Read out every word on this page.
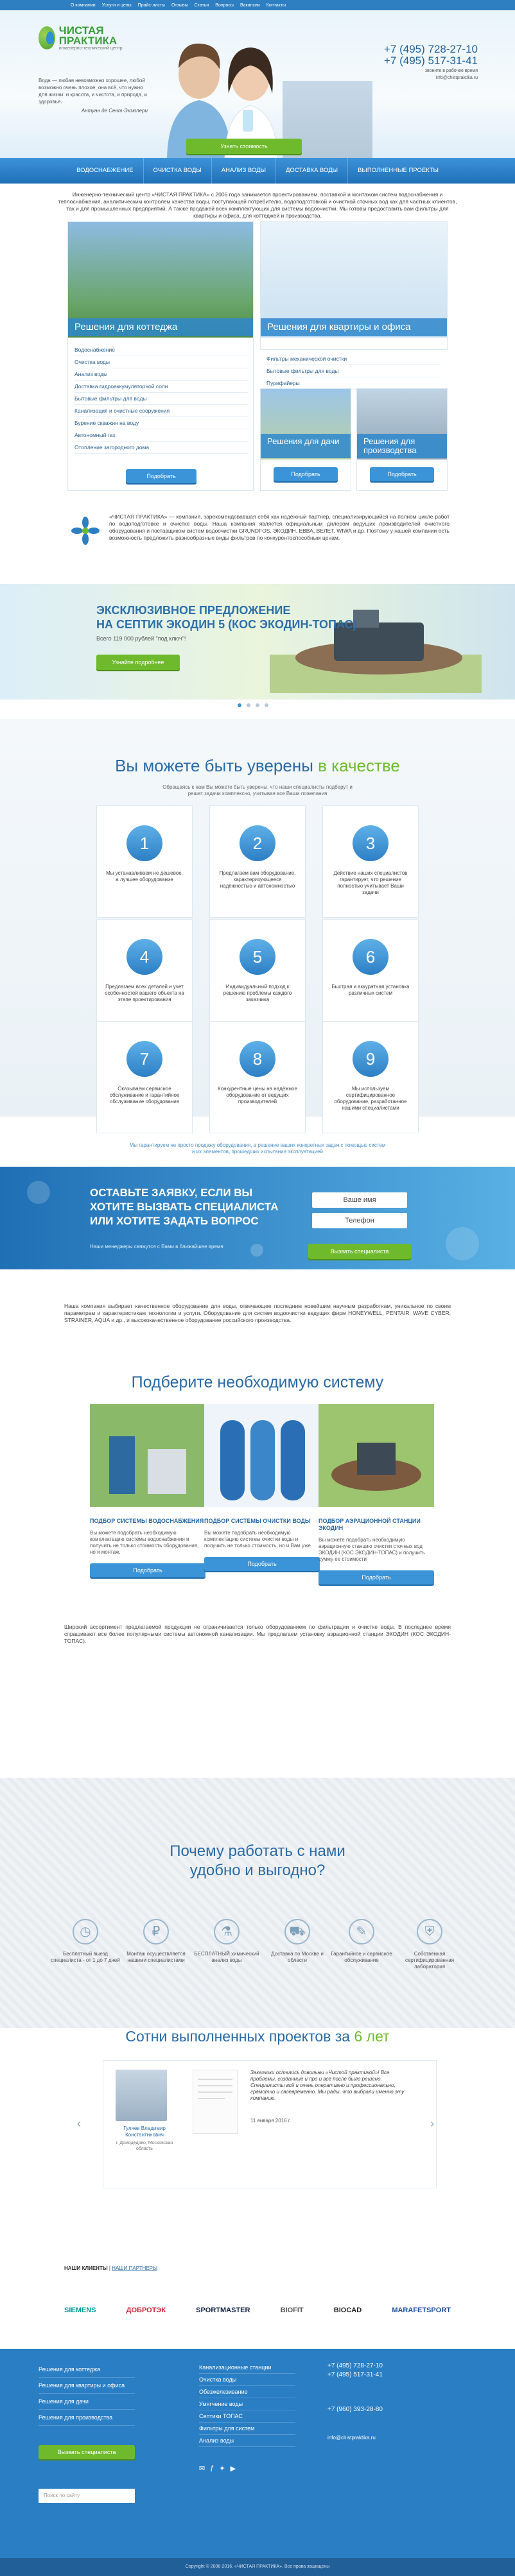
О компании Услуги и цены Прайс-листы Отзывы Статьи Вопросы Вакансии Контакты
ЧИСТАЯ ПРАКТИКА
инженерно-технический центр
Вода — любая невозможно хорошее, любой возможно очень плохое, она всё, что нужно для жизни: и красота, и чистота, и природа, и здоровье.
Антуан де Сент-Экзюпери
+7 (495) 728-27-10
+7 (495) 517-31-41
звоните в рабочее время
info@chistpraktika.ru
Узнать стоимость
ВОДОСНАБЖЕНИЕ	ОЧИСТКА ВОДЫ	АНАЛИЗ ВОДЫ	ДОСТАВКА ВОДЫ	ВЫПОЛНЕННЫЕ ПРОЕКТЫ
Инженерно-технический центр «ЧИСТАЯ ПРАКТИКА» с 2006 года занимается проектированием, поставкой и монтажом систем водоснабжения и теплоснабжения, аналитическим контролем качества воды, поступающей потребителю, водоподготовкой и очисткой сточных вод как для частных клиентов, так и для промышленных предприятий. А также продажей всех комплектующих для системы водоочистки. Мы готовы предоставить вам фильтры для квартиры и офиса, для коттеджей и производства.
Решения для коттеджа
Водоснабжение
Очистка воды
Анализ воды
Доставка гидроаккумуляторной соли
Бытовые фильтры для воды
Канализация и очистные сооружения
Бурение скважин на воду
Автономный газ
Отопление загородного дома
Подобрать
Решения для квартиры и офиса
Фильтры механической очистки
Бытовые фильтры для воды
Пурифайеры
Решения для дачи
Подобрать
Решения для производства
Подобрать
«ЧИСТАЯ ПРАКТИКА» — компания, зарекомендовавшая себя как надёжный партнёр, специализирующийся на полном цикле работ по водоподготовке и очистке воды. Наша компания является официальным дилером ведущих производителей очистного оборудования и поставщиком систем водоочистки GRUNDFOS, ЭКОДИН, ЕВВА, ВЕЛЕТ, WIWA и др. Поэтому у нашей компании есть возможность предложить разнообразные виды фильтров по конкурентоспособным ценам.
ЭКСКЛЮЗИВНОЕ ПРЕДЛОЖЕНИЕ
НА СЕПТИК ЭКОДИН 5 (КОС ЭКОДИН-ТОПАС)
Всего 119 000 рублей "под ключ"!
Узнайте подробнее
Вы можете быть уверены в качестве
Обращаясь к нам Вы можете быть уверены, что наши специалисты подберут и решат задачи комплексно, учитывая все Ваши пожелания
1
Мы устанавливаем не дешевое, а лучшее оборудование
2
Предлагаем вам оборудование, характеризующееся надёжностью и автономностью
3
Действие наших специалистов гарантирует, что решение полностью учитывает Ваши задачи
4
Предлагаем всех деталей и учет особенностей вашего объекта на этапе проектирования
5
Индивидуальный подход к решению проблемы каждого заказчика
6
Быстрая и аккуратная установка различных систем
7
Оказываем сервисное обслуживание и гарантийное обслуживание оборудования
8
Конкурентные цены на надёжное оборудование от ведущих производителей
9
Мы используем сертифицированное оборудование, разработанное нашими специалистами
Мы гарантируем не просто продажу оборудования, а решение ваших конкретных задач с помощью систем и их элементов, прошедших испытания эксплуатацией
ОСТАВЬТЕ ЗАЯВКУ, ЕСЛИ ВЫ
ХОТИТЕ ВЫЗВАТЬ СПЕЦИАЛИСТА
ИЛИ ХОТИТЕ ЗАДАТЬ ВОПРОС
Наши менеджеры свяжутся с Вами в ближайшее время
Ваше имя
Телефон
Вызвать специалиста
Наша компания выбирает качественное оборудование для воды, отвечающее последним новейшим научным разработкам, уникальное по своим параметрам и характеристикам технологии и услуги. Оборудование для систем водоочистки ведущих фирм HONEYWELL, PENTAIR, WAVE CYBER, STRAINER, AQUA и др., и высококачественное оборудование российского производства.
Подберите необходимую систему
ПОДБОР СИСТЕМЫ ВОДОСНАБЖЕНИЯ
Вы можете подобрать необходимую комплектацию системы водоснабжения и получить не только стоимость оборудования, но и монтаж.
Подобрать
ПОДБОР СИСТЕМЫ ОЧИСТКИ ВОДЫ
Вы можете подобрать необходимую комплектацию системы очистки воды и получить не только стоимость, но и Вам уже
Подобрать
ПОДБОР АЭРАЦИОННОЙ СТАНЦИИ ЭКОДИН
Вы можете подобрать необходимую аэрационную станцию очистки сточных вод ЭКОДИН (КОС ЭКОДИН-ТОПАС) и получить сумму ее стоимости
Подобрать
Широкий ассортимент предлагаемой продукции не ограничивается только оборудованием по фильтрации и очистке воды. В последнее время спрашивают все более популярными системы автономной канализации. Мы предлагаем установку аэрационной станции ЭКОДИН (КОС ЭКОДИН-ТОПАС).
Почему работать с нами
удобно и выгодно?
◷
Бесплатный выезд специалиста - от 1 до 7 дней
₽
Монтаж осуществляется нашими специалистами
⚗
БЕСПЛАТНЫЙ химический анализ воды
⛟
Доставка по Москве и области
✎
Гарантийное и сервисное обслуживание
⛨
Собственная сертифицированная лаборатория
Сотни выполненных проектов за 6 лет
Гуляев Владимир Константинович
г. Домодедово, Московская область
Заказчики остались довольны «Чистой практикой»! Все проблемы, созданные и про и всё после было решено. Специалисты всё и очень оперативно и профессионально, грамотно и своевременно. Мы рады, что выбрали именно эту компанию.
11 января 2016 г.
‹	›
НАШИ КЛИЕНТЫ | НАШИ ПАРТНЕРЫ
SIEMENS	ДОБРОТЭК	SPORTMASTER	BIOFIT	BIOCAD	MARAFETSPORT
Решения для коттеджа
Решения для квартиры и офиса
Решения для дачи
Решения для производства
Вызвать специалиста
Канализационные станции
Очистка воды
Обезжелезивание
Умягчение воды
Септики ТОПАС
Фильтры для систем
Анализ воды
+7 (495) 728-27-10
+7 (495) 517-31-41
+7 (960) 393-28-80
info@chistpraktika.ru
✉ ƒ ✦ ▶
Поиск по сайту
Copyright © 2006-2016. «ЧИСТАЯ ПРАКТИКА». Все права защищены
